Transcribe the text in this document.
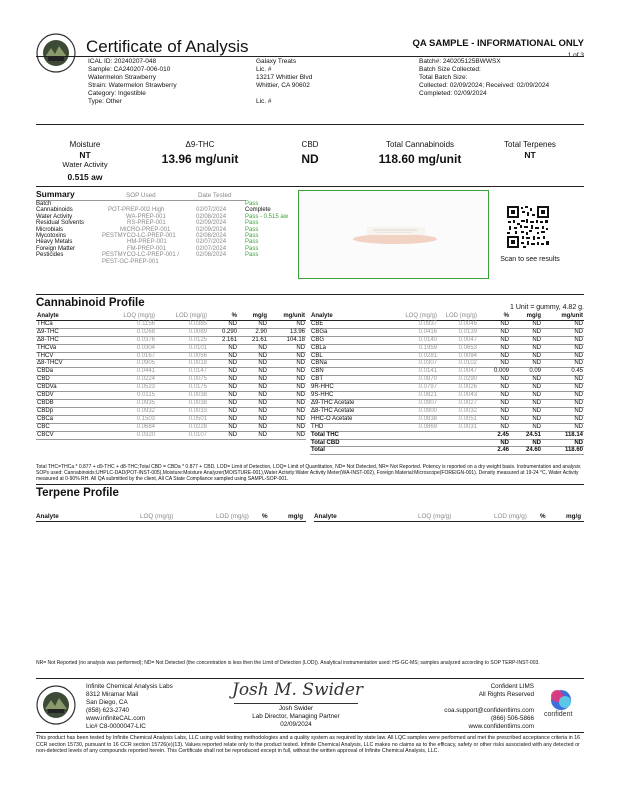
Certificate of Analysis	QA SAMPLE - INFORMATIONAL ONLY
1 of 3
ICAL ID: 20240207-048
Sample: CA240207-006-010
Watermelon Strawberry
Strain: Watermelon Strawberry
Category: Ingestible
Type: Other
Galaxy Treats
Lic. #
13217 Whittier Blvd
Whittier, CA 90602
Lic. #
Batch#: 240205125BWWSX
Batch Size Collected:
Total Batch Size:
Collected: 02/09/2024; Received: 02/09/2024
Completed: 02/09/2024
Moisture
NT
Water Activity
0.515 aw
Δ9-THC
13.96 mg/unit
CBD
ND
Total Cannabinoids
118.60 mg/unit
Total Terpenes
NT
Summary	SOP Used	Date Tested
Batch	Pass
Cannabinoids	POT-PREP-002 High	02/07/2024	Complete
Water Activity	WA-PREP-001	02/08/2024	Pass - 0.515 aw
Residual Solvents	RS-PREP-001	02/09/2024	Pass
Microbials	MICRO-PREP-001	02/09/2024	Pass
Mycotoxins	PESTMYCO-LC-PREP-001	02/08/2024	Pass
Heavy Metals	HM-PREP-001	02/07/2024	Pass
Foreign Matter	FM-PREP-001	02/07/2024	Pass
Pesticides	PESTMYCO-LC-PREP-001 /	02/08/2024	Pass
PEST-GC-PREP-001	Scan to see results
Cannabinoid Profile	1 Unit = gummy, 4.82 g.
Analyte	LOQ (mg/g)	LOD (mg/g)	%	mg/g	mg/unit
THCa	0.1156	0.0385	ND	ND	ND
Δ9-THC	0.0268	0.0089	0.290	2.90	13.96
Δ8-THC	0.0376	0.0125	2.161	21.61	104.18
THCVa	0.0304	0.0101	ND	ND	ND
THCV	0.0167	0.0056	ND	ND	ND
Δ8-THCV	0.0905	0.0018	ND	ND	ND
CBDa	0.0441	0.0147	ND	ND	ND
CBD	0.0224	0.0075	ND	ND	ND
CBDVa	0.0523	0.0175	ND	ND	ND
CBDV	0.0115	0.0038	ND	ND	ND
CBDB	0.0935	0.0038	ND	ND	ND
CBDp	0.0932	0.0033	ND	ND	ND
CBCa	0.1503	0.0501	ND	ND	ND
CBC	0.0684	0.0228	ND	ND	ND
CBCV	0.0320	0.0107	ND	ND	ND
Analyte	LOQ (mg/g)	LOD (mg/g)	%	mg/g	mg/unit
CBE	0.0937	0.0046	ND	ND	ND
CBGa	0.0416	0.0139	ND	ND	ND
CBG	0.0140	0.0047	ND	ND	ND
CBLa	0.1959	0.0653	ND	ND	ND
CBL	0.0281	0.0094	ND	ND	ND
CBNa	0.0307	0.0102	ND	ND	ND
CBN	0.0141	0.0047	0.009	0.09	0.45
CBT	0.0870	0.0290	ND	ND	ND
9R-HHC	0.0797	0.0026	ND	ND	ND
9S-HHC	0.0821	0.0043	ND	ND	ND
Δ9-THC Acetate	0.0907	0.0027	ND	ND	ND
Δ8-THC Acetate	0.0900	0.0032	ND	ND	ND
HHC-O Acetate	0.0838	0.0051	ND	ND	ND
THD	0.0869	0.0031	ND	ND	ND
Total THC			2.45	24.51	118.14
Total CBD			ND	ND	ND
Total			2.46	24.60	118.60
Total THC=THCa * 0.877 + d9-THC + d8-THC;Total CBD = CBDa * 0.877 + CBD. LOD= Limit of Detection, LOQ= Limit of Quantitation, ND= Not Detected, NR= Not Reported. Potency is reported on a dry weight basis. Instrumentation and analysis SOPs used: Cannabinoids:UHPLC-DAD(POT-INST-005),Moisture:Moisture Analyzer(MOISTURE-001),Water Activity:Water Activity Meter(WA-INST-002), Foreign Material:Microscope(FOREIGN-001). Density measured at 19-24 °C, Water Activity measured at 0-90% RH. All QA submitted by the client, All CA State Compliance sampled using SAMPL-SOP-001.
Terpene Profile
Analyte	LOQ (mg/g)	LOD (mg/g) %	mg/g Analyte	LOQ (mg/g)	LOD (mg/g) %	mg/g
NR= Not Reported (no analysis was performed); ND= Not Detected (the concentration is less then the Limit of Detection (LOD)). Analytical instrumentation used: HS-GC-MS; samples analyzed according to SOP TERP-INST-003.
Infinite Chemical Analysis Labs
8312 Miramar Mail
San Diego, CA
(858) 623-2740
www.infiniteCAL.com
Lic# C8-0000047-LIC
Josh M. Swider
Josh Swider
Lab Director, Managing Partner
02/09/2024
Confident LIMS
All Rights Reserved
coa.support@confidentlims.com
(866) 506-5866
www.confidentlims.com
confident
This product has been tested by Infinite Chemical Analysis Labs, LLC using valid testing methodologies and a quality system as required by state law. All LQC samples were performed and met the prescribed acceptance criteria in 16 CCR section 15730, pursuant to 16 CCR section 15726(e)(13). Values reported relate only to the product tested. Infinite Chemical Analysis, LLC makes no claims as to the efficacy, safety or other risks associated with any detected or non-detected levels of any compounds reported herein. This Certificate shall not be reproduced except in full, without the written approval of Infinite Chemical Analysis, LLC.
